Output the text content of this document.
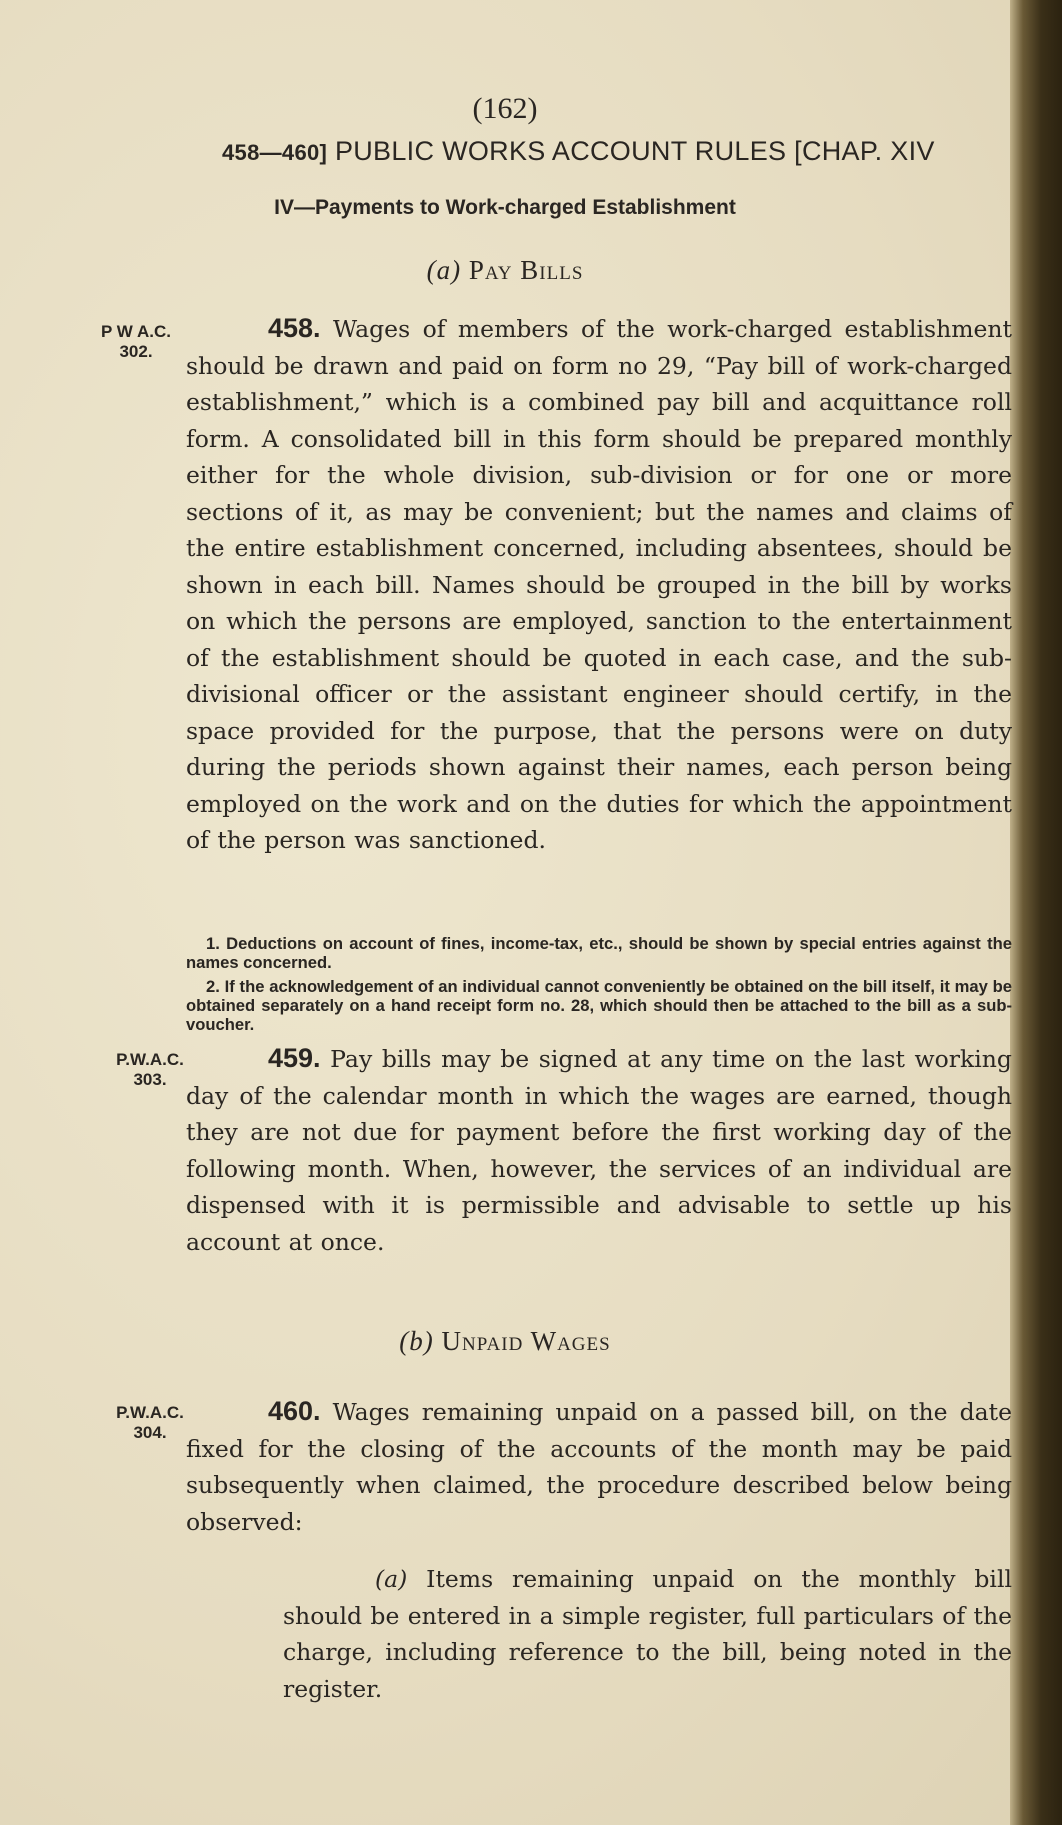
(162)
458—460] PUBLIC WORKS ACCOUNT RULES [CHAP. XIV
IV—Payments to Work-charged Establishment
(a) Pay Bills
P W A.C. 302.
458. Wages of members of the work-charged establishment should be drawn and paid on form no 29, “Pay bill of work-charged establishment,” which is a combined pay bill and acquittance roll form. A consolidated bill in this form should be prepared monthly either for the whole division, sub-division or for one or more sections of it, as may be convenient; but the names and claims of the entire establishment concerned, including absentees, should be shown in each bill. Names should be grouped in the bill by works on which the persons are employed, sanction to the entertainment of the establishment should be quoted in each case, and the sub-divisional officer or the assistant engineer should certify, in the space provided for the purpose, that the persons were on duty during the periods shown against their names, each person being employed on the work and on the duties for which the appointment of the person was sanctioned.
1. Deductions on account of fines, income-tax, etc., should be shown by special entries against the names concerned.
2. If the acknowledgement of an individual cannot conveniently be obtained on the bill itself, it may be obtained separately on a hand receipt form no. 28, which should then be attached to the bill as a sub-voucher.
P.W.A.C. 303.
459. Pay bills may be signed at any time on the last working day of the calendar month in which the wages are earned, though they are not due for payment before the first working day of the following month. When, however, the services of an individual are dispensed with it is permissible and advisable to settle up his account at once.
(b) Unpaid Wages
P.W.A.C. 304.
460. Wages remaining unpaid on a passed bill, on the date fixed for the closing of the accounts of the month may be paid subsequently when claimed, the procedure described below being observed:
(a) Items remaining unpaid on the monthly bill should be entered in a simple register, full particulars of the charge, including reference to the bill, being noted in the register.
